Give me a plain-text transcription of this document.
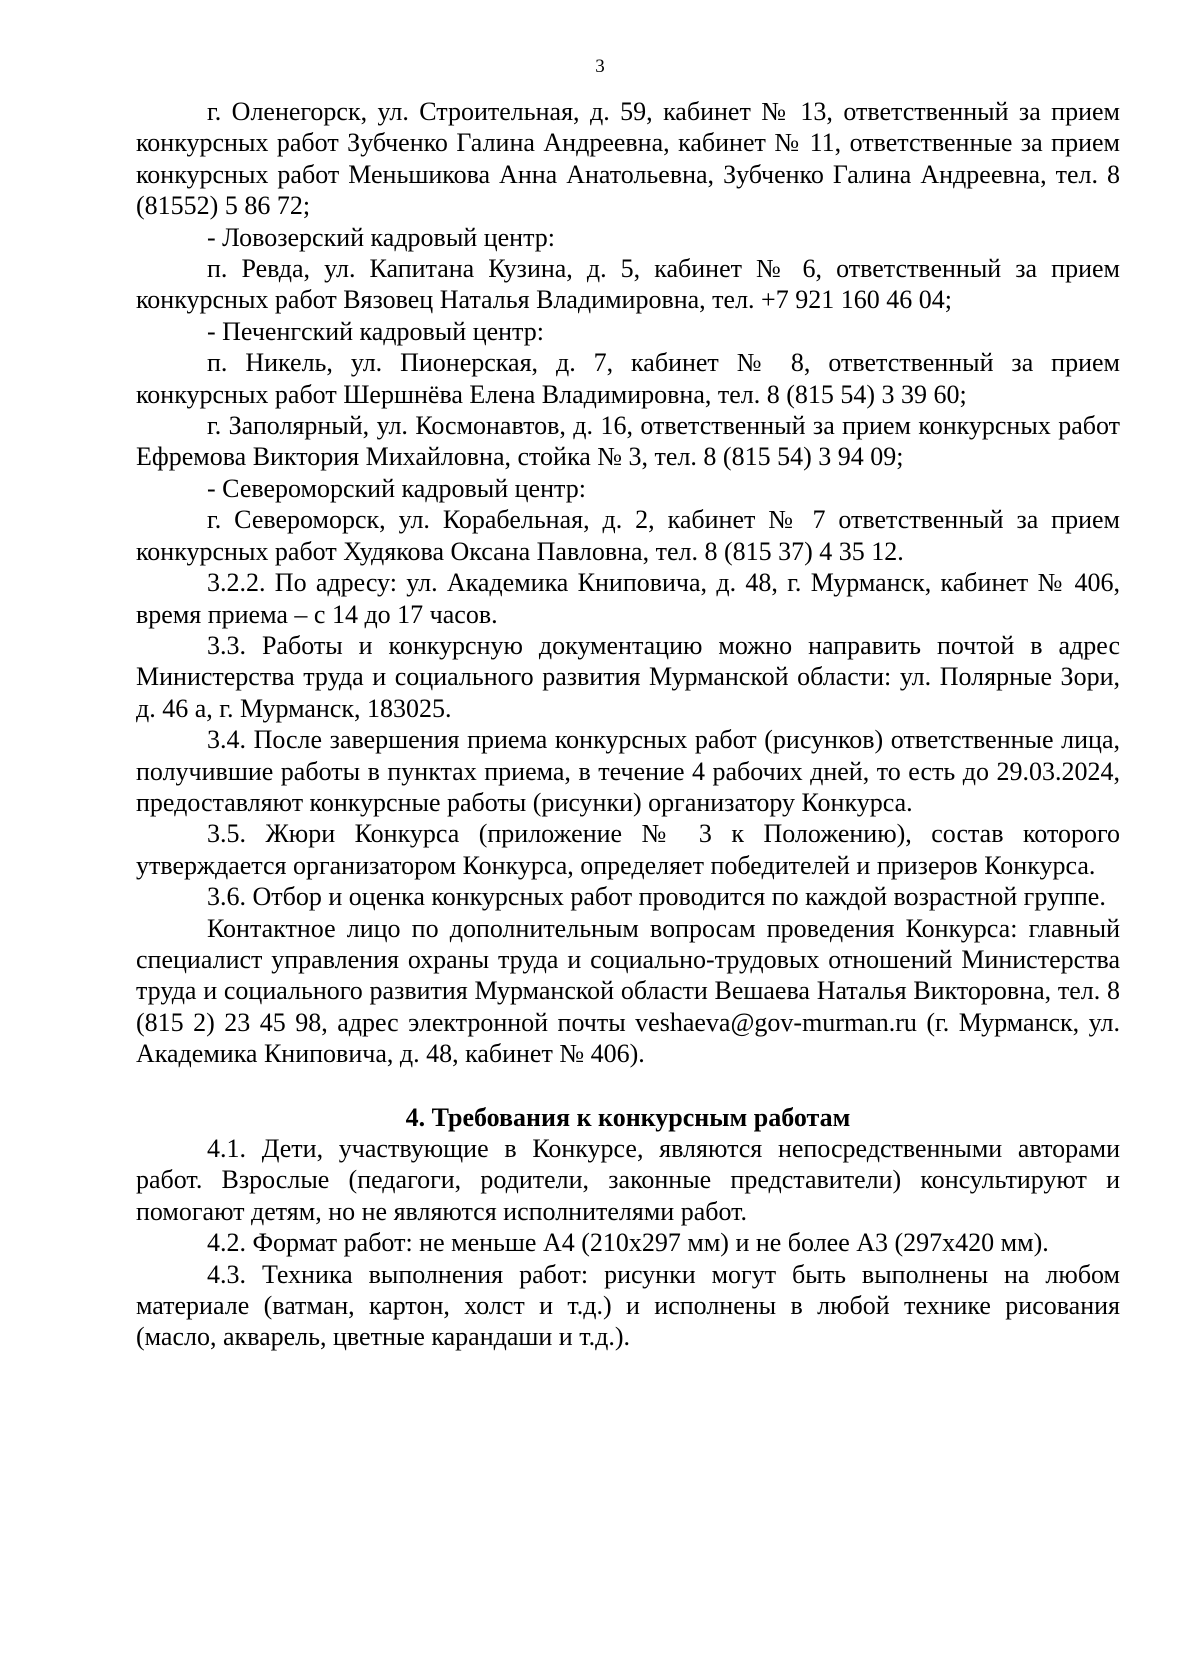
3

г. Оленегорск, ул. Строительная, д. 59, кабинет № 13, ответственный за прием конкурсных работ Зубченко Галина Андреевна, кабинет № 11, ответственные за прием конкурсных работ Меньшикова Анна Анатольевна, Зубченко Галина Андреевна, тел. 8 (81552) 5 86 72;

- Ловозерский кадровый центр:

п. Ревда, ул. Капитана Кузина, д. 5, кабинет № 6, ответственный за прием конкурсных работ Вязовец Наталья Владимировна, тел. +7 921 160 46 04;

- Печенгский кадровый центр:

п. Никель, ул. Пионерская, д. 7, кабинет № 8, ответственный за прием конкурсных работ Шершнёва Елена Владимировна, тел. 8 (815 54) 3 39 60;

г. Заполярный, ул. Космонавтов, д. 16, ответственный за прием конкурсных работ Ефремова Виктория Михайловна, стойка № 3, тел. 8 (815 54) 3 94 09;

- Североморский кадровый центр:

г. Североморск, ул. Корабельная, д. 2, кабинет № 7 ответственный за прием конкурсных работ Худякова Оксана Павловна, тел. 8 (815 37) 4 35 12.

3.2.2. По адресу: ул. Академика Книповича, д. 48, г. Мурманск, кабинет № 406, время приема – с 14 до 17 часов.

3.3. Работы и конкурсную документацию можно направить почтой в адрес Министерства труда и социального развития Мурманской области: ул. Полярные Зори, д. 46 а, г. Мурманск, 183025.

3.4. После завершения приема конкурсных работ (рисунков) ответственные лица, получившие работы в пунктах приема, в течение 4 рабочих дней, то есть до 29.03.2024, предоставляют конкурсные работы (рисунки) организатору Конкурса.

3.5. Жюри Конкурса (приложение № 3 к Положению), состав которого утверждается организатором Конкурса, определяет победителей и призеров Конкурса.

3.6. Отбор и оценка конкурсных работ проводится по каждой возрастной группе.

Контактное лицо по дополнительным вопросам проведения Конкурса: главный специалист управления охраны труда и социально-трудовых отношений Министерства труда и социального развития Мурманской области Вешаева Наталья Викторовна, тел. 8 (815 2) 23 45 98, адрес электронной почты veshaeva@gov-murman.ru (г. Мурманск, ул. Академика Книповича, д. 48, кабинет № 406).

4. Требования к конкурсным работам

4.1. Дети, участвующие в Конкурсе, являются непосредственными авторами работ. Взрослые (педагоги, родители, законные представители) консультируют и помогают детям, но не являются исполнителями работ.

4.2. Формат работ: не меньше А4 (210х297 мм) и не более А3 (297х420 мм).

4.3. Техника выполнения работ: рисунки могут быть выполнены на любом материале (ватман, картон, холст и т.д.) и исполнены в любой технике рисования (масло, акварель, цветные карандаши и т.д.).
